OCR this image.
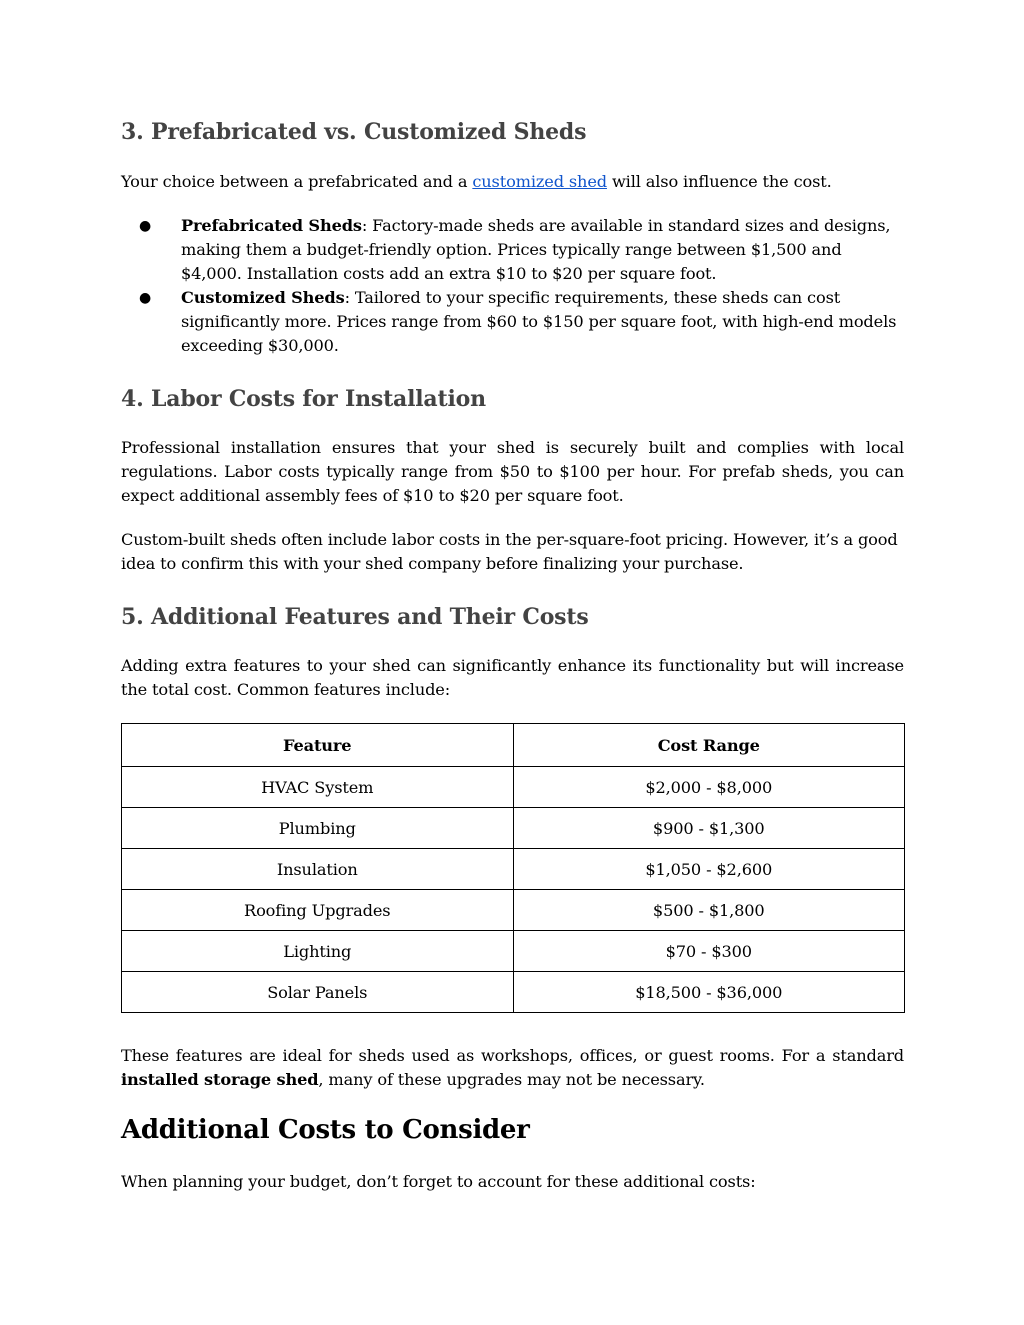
3. Prefabricated vs. Customized Sheds

Your choice between a prefabricated and a customized shed will also influence the cost.

● Prefabricated Sheds: Factory-made sheds are available in standard sizes and designs, making them a budget-friendly option. Prices typically range between $1,500 and $4,000. Installation costs add an extra $10 to $20 per square foot.
● Customized Sheds: Tailored to your specific requirements, these sheds can cost significantly more. Prices range from $60 to $150 per square foot, with high-end models exceeding $30,000.
4. Labor Costs for Installation

Professional installation ensures that your shed is securely built and complies with local regulations. Labor costs typically range from $50 to $100 per hour. For prefab sheds, you can expect additional assembly fees of $10 to $20 per square foot.

Custom-built sheds often include labor costs in the per-square-foot pricing. However, it’s a good idea to confirm this with your shed company before finalizing your purchase.

5. Additional Features and Their Costs

Adding extra features to your shed can significantly enhance its functionality but will increase the total cost. Common features include:

Feature	Cost Range
HVAC System	$2,000 - $8,000
Plumbing	$900 - $1,300
Insulation	$1,050 - $2,600
Roofing Upgrades	$500 - $1,800
Lighting	$70 - $300
Solar Panels	$18,500 - $36,000

These features are ideal for sheds used as workshops, offices, or guest rooms. For a standard installed storage shed, many of these upgrades may not be necessary.

Additional Costs to Consider

When planning your budget, don’t forget to account for these additional costs:
